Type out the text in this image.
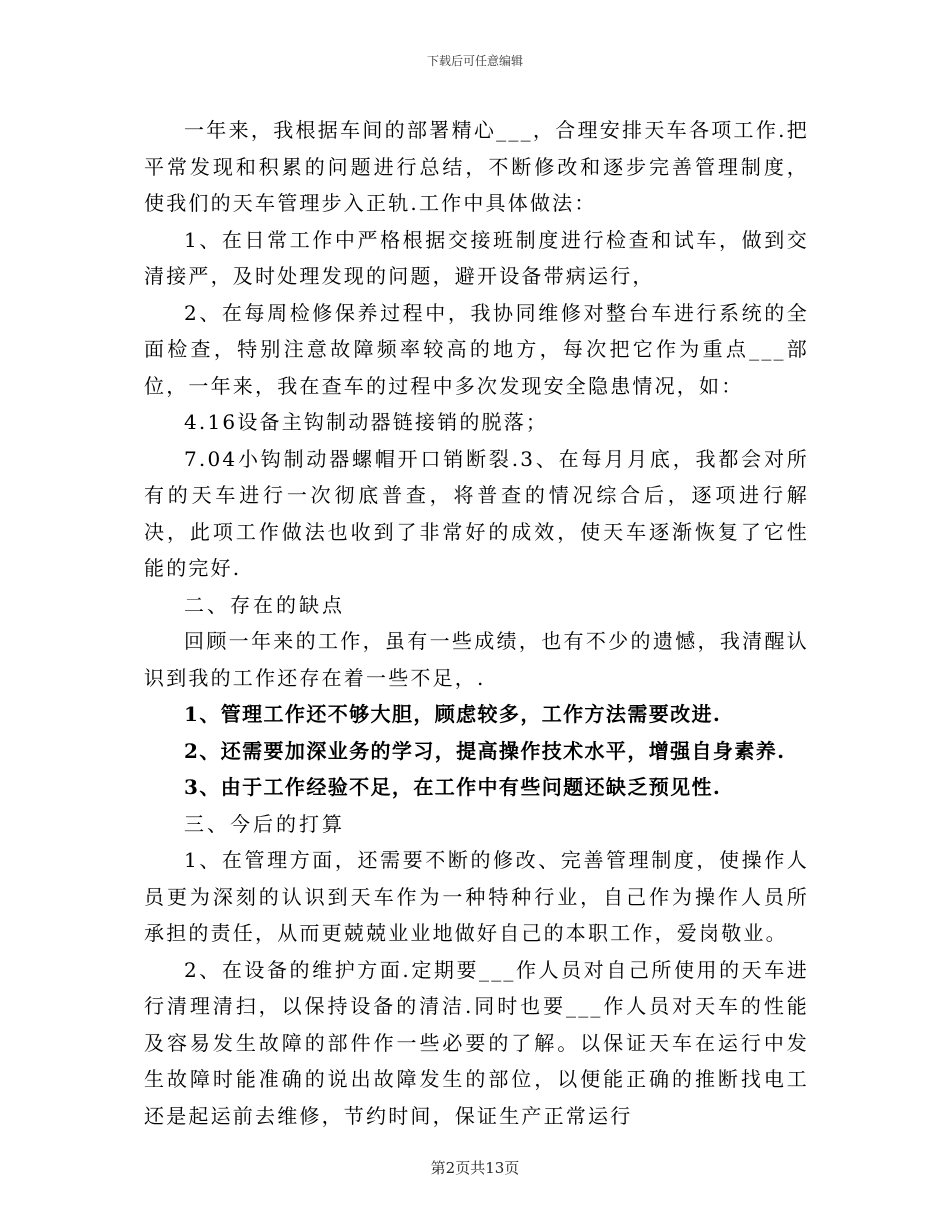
下载后可任意编辑

一年来，我根据车间的部署精心___，合理安排天车各项工作.把平常发现和积累的问题进行总结，不断修改和逐步完善管理制度，使我们的天车管理步入正轨.工作中具体做法：

1、在日常工作中严格根据交接班制度进行检查和试车，做到交清接严，及时处理发现的问题，避开设备带病运行，

2、在每周检修保养过程中，我协同维修对整台车进行系统的全面检查，特别注意故障频率较高的地方，每次把它作为重点___部位，一年来，我在查车的过程中多次发现安全隐患情况，如：

4.16设备主钩制动器链接销的脱落；

7.04小钩制动器螺帽开口销断裂.3、在每月月底，我都会对所有的天车进行一次彻底普查，将普查的情况综合后，逐项进行解决，此项工作做法也收到了非常好的成效，使天车逐渐恢复了它性能的完好.

二、存在的缺点

回顾一年来的工作，虽有一些成绩，也有不少的遗憾，我清醒认识到我的工作还存在着一些不足，.

1、管理工作还不够大胆，顾虑较多，工作方法需要改进.

2、还需要加深业务的学习，提高操作技术水平，增强自身素养.

3、由于工作经验不足，在工作中有些问题还缺乏预见性.

三、今后的打算

1、在管理方面，还需要不断的修改、完善管理制度，使操作人员更为深刻的认识到天车作为一种特种行业，自己作为操作人员所承担的责任，从而更兢兢业业地做好自己的本职工作，爱岗敬业。

2、在设备的维护方面.定期要___作人员对自己所使用的天车进行清理清扫，以保持设备的清洁.同时也要___作人员对天车的性能及容易发生故障的部件作一些必要的了解。以保证天车在运行中发生故障时能准确的说出故障发生的部位，以便能正确的推断找电工还是起运前去维修，节约时间，保证生产正常运行

第2页共13页
